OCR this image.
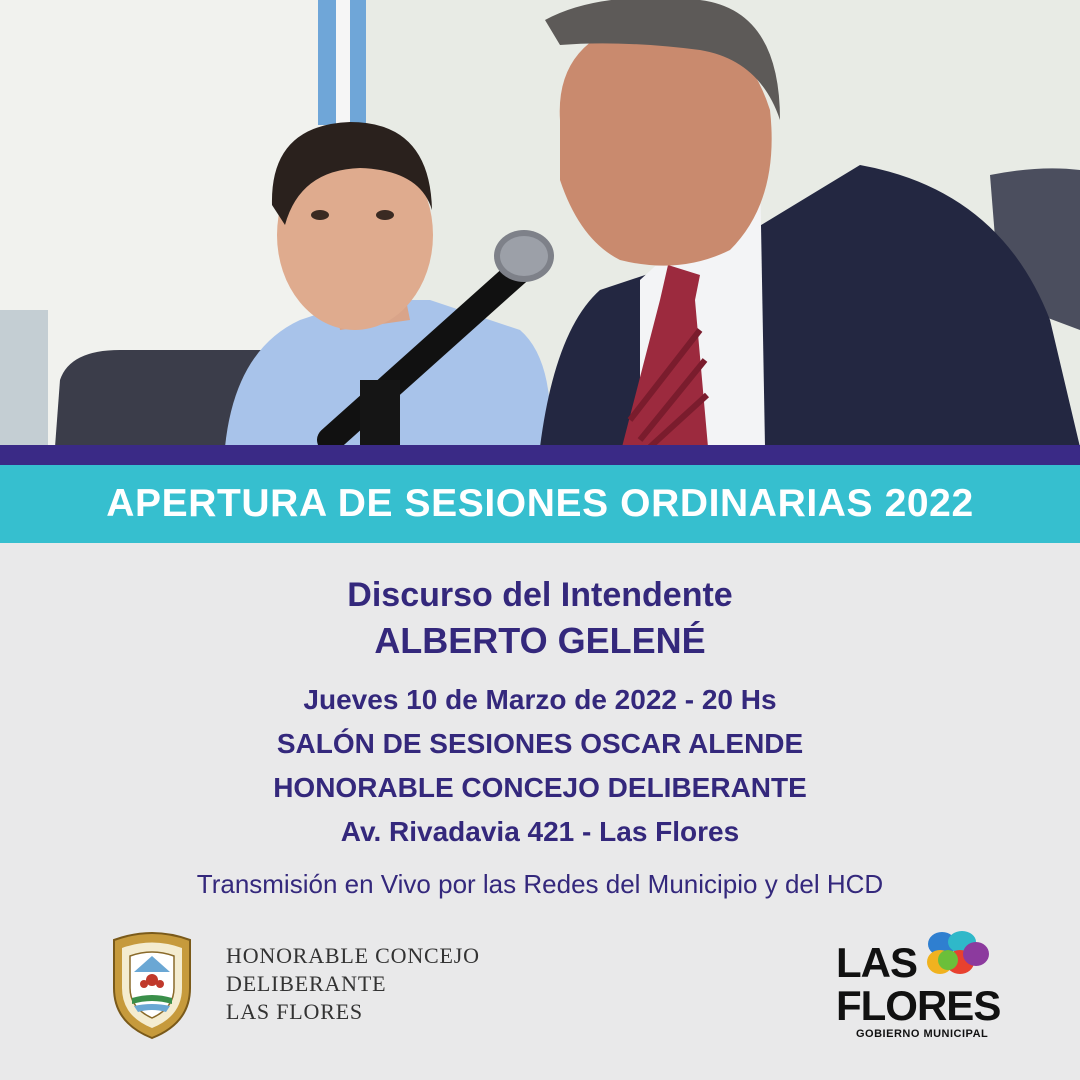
APERTURA DE SESIONES ORDINARIAS 2022
Discurso del Intendente
ALBERTO GELENÉ
Jueves 10 de Marzo de 2022 - 20 Hs
SALÓN DE SESIONES OSCAR ALENDE
HONORABLE CONCEJO DELIBERANTE
Av. Rivadavia 421 - Las Flores
Transmisión en Vivo por las Redes del Municipio y del HCD
HONORABLE CONCEJO
DELIBERANTE
LAS FLORES
LAS
FLORES
GOBIERNO MUNICIPAL
